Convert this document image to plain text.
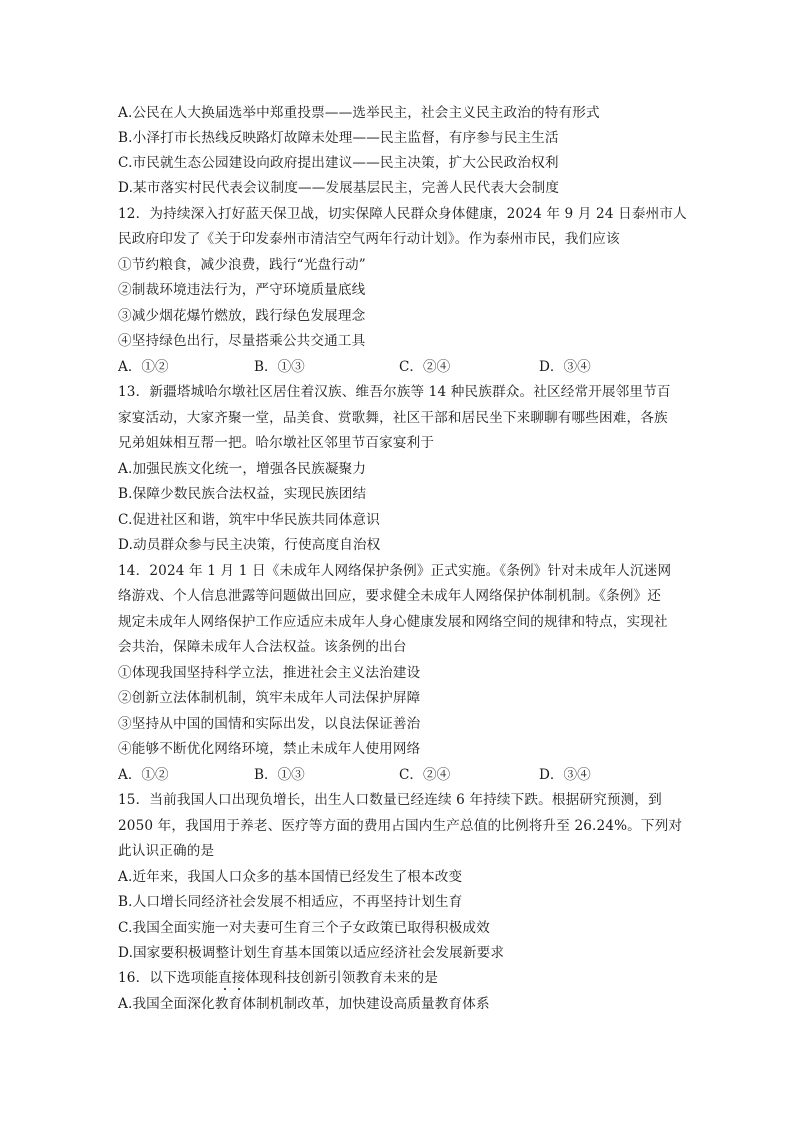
A.公民在人大换届选举中郑重投票——选举民主，社会主义民主政治的特有形式
B.小泽打市长热线反映路灯故障未处理——民主监督，有序参与民主生活
C.市民就生态公园建设向政府提出建议——民主决策，扩大公民政治权利
D.某市落实村民代表会议制度——发展基层民主，完善人民代表大会制度
12．为持续深入打好蓝天保卫战，切实保障人民群众身体健康，2024 年 9 月 24 日泰州市人
民政府印发了《关于印发泰州市清洁空气两年行动计划》。作为泰州市民，我们应该
①节约粮食，减少浪费，践行“光盘行动”
②制裁环境违法行为，严守环境质量底线
③减少烟花爆竹燃放，践行绿色发展理念
④坚持绿色出行，尽量搭乘公共交通工具
A．①②	B．①③	C．②④	D．③④
13．新疆塔城哈尔墩社区居住着汉族、维吾尔族等 14 种民族群众。社区经常开展邻里节百
家宴活动，大家齐聚一堂，品美食、赏歌舞，社区干部和居民坐下来聊聊有哪些困难，各族
兄弟姐妹相互帮一把。哈尔墩社区邻里节百家宴利于
A.加强民族文化统一，增强各民族凝聚力
B.保障少数民族合法权益，实现民族团结
C.促进社区和谐，筑牢中华民族共同体意识
D.动员群众参与民主决策，行使高度自治权
14．2024 年 1 月 1 日《未成年人网络保护条例》正式实施。《条例》针对未成年人沉迷网
络游戏、个人信息泄露等问题做出回应，要求健全未成年人网络保护体制机制。《条例》还
规定未成年人网络保护工作应适应未成年人身心健康发展和网络空间的规律和特点，实现社
会共治，保障未成年人合法权益。该条例的出台
①体现我国坚持科学立法，推进社会主义法治建设
②创新立法体制机制，筑牢未成年人司法保护屏障
③坚持从中国的国情和实际出发，以良法保证善治
④能够不断优化网络环境，禁止未成年人使用网络
A．①②	B．①③	C．②④	D．③④
15．当前我国人口出现负增长，出生人口数量已经连续 6 年持续下跌。根据研究预测，到
2050 年，我国用于养老、医疗等方面的费用占国内生产总值的比例将升至 26.24%。下列对
此认识正确的是
A.近年来，我国人口众多的基本国情已经发生了根本改变
B.人口增长同经济社会发展不相适应，不再坚持计划生育
C.我国全面实施一对夫妻可生育三个子女政策已取得积极成效
D.国家要积极调整计划生育基本国策以适应经济社会发展新要求
16．以下选项能直接体现科技创新引领教育未来的是
A.我国全面深化教育体制机制改革，加快建设高质量教育体系
